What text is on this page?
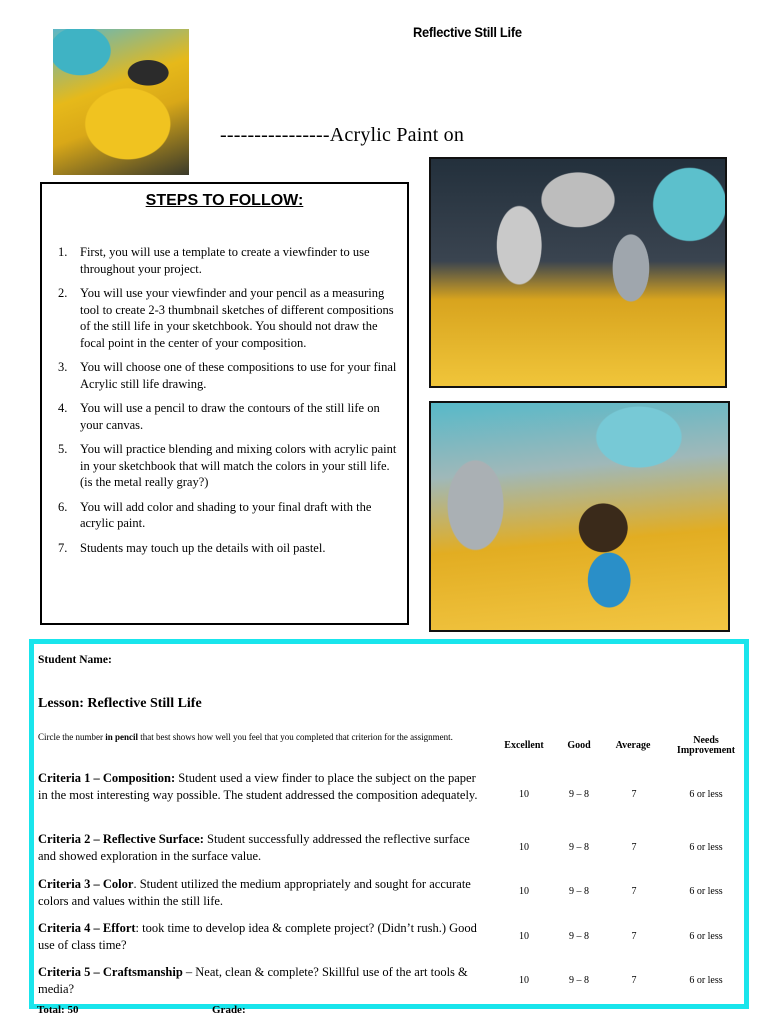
Reflective Still Life
----------------Acrylic Paint on
STEPS TO FOLLOW:
1. First, you will use a template to create a viewfinder to use throughout your project.
2. You will use your viewfinder and your pencil as a measuring tool to create 2-3 thumbnail sketches of different compositions of the still life in your sketchbook. You should not draw the focal point in the center of your composition.
3. You will choose one of these compositions to use for your final Acrylic still life drawing.
4. You will use a pencil to draw the contours of the still life on your canvas.
5. You will practice blending and mixing colors with acrylic paint in your sketchbook that will match the colors in your still life. (is the metal really gray?)
6. You will add color and shading to your final draft with the acrylic paint.
7. Students may touch up the details with oil pastel.
Student Name:
Lesson: Reflective Still Life
Circle the number in pencil that best shows how well you feel that you completed that criterion for the assignment.
Excellent	Good	Average	Needs
Improvement
Criteria 1 – Composition: Student used a view finder to place the subject on the paper in the most interesting way possible. The student addressed the composition adequately.	10	9 – 8	7	6 or less
Criteria 2 – Reflective Surface: Student successfully addressed the reflective surface and showed exploration in the surface value.
10	9 – 8	7	6 or less
Criteria 3 – Color. Student utilized the medium appropriately and sought for accurate colors and values within the still life.
10	9 – 8	7	6 or less
Criteria 4 – Effort: took time to develop idea & complete project? (Didn’t rush.) Good use of class time?
10	9 – 8	7	6 or less
Criteria 5 – Craftsmanship – Neat, clean & complete? Skillful use of the art tools & media?
10	9 – 8	7	6 or less
Total: 50	Grade:
